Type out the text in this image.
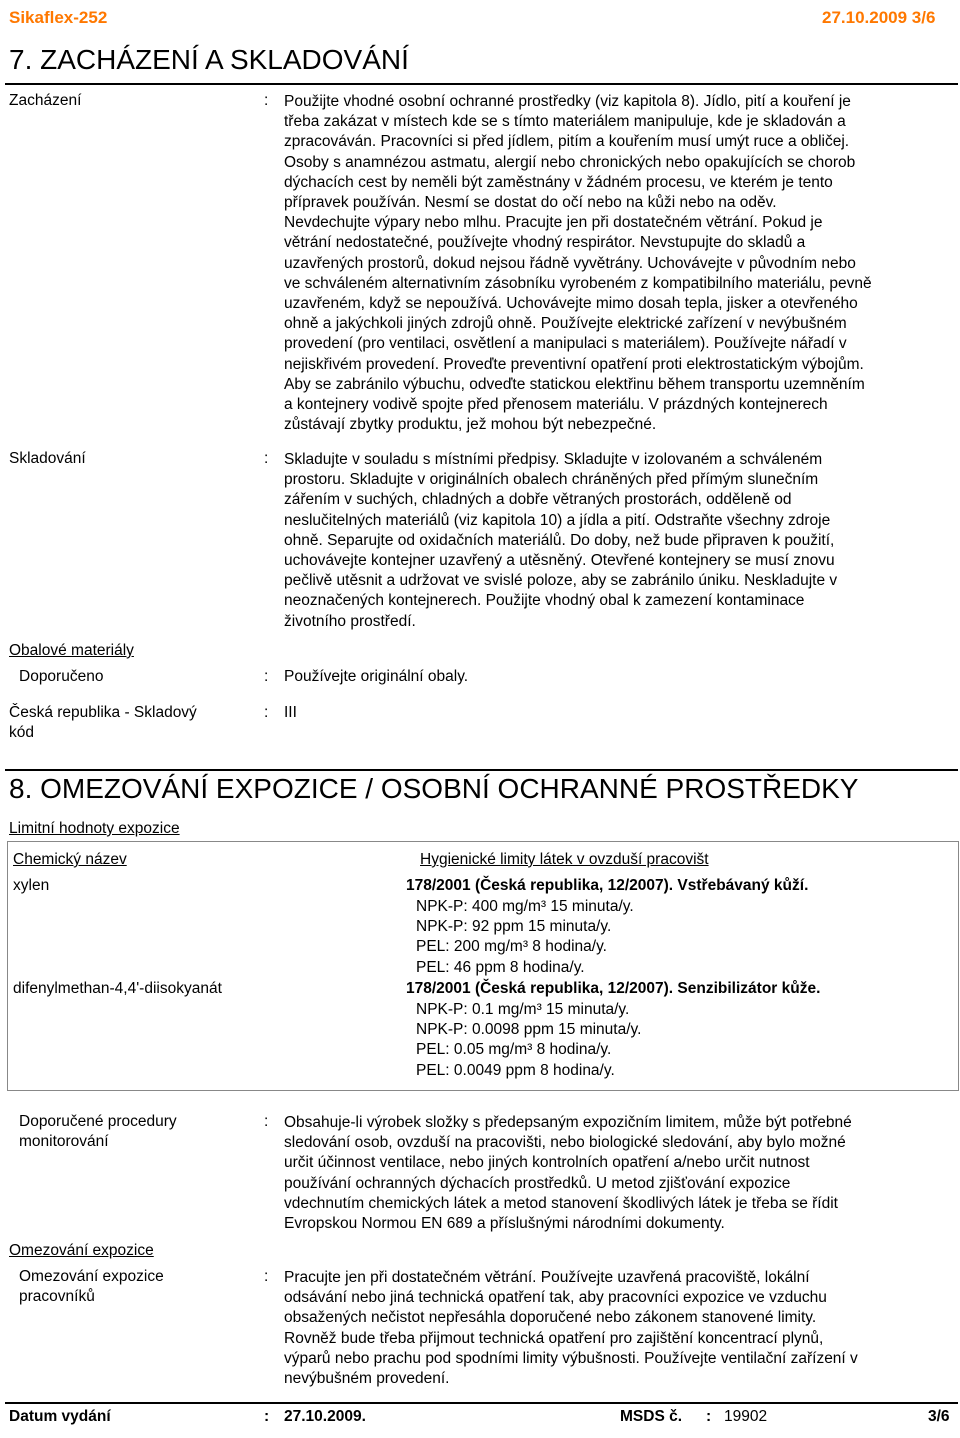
Sikaflex-252	27.10.2009 3/6
7. ZACHÁZENÍ A SKLADOVÁNÍ
Zacházení	: Použijte vhodné osobní ochranné prostředky (viz kapitola 8). Jídlo, pití a kouření je
třeba zakázat v místech kde se s tímto materiálem manipuluje, kde je skladován a
zpracováván. Pracovníci si před jídlem, pitím a kouřením musí umýt ruce a obličej.
Osoby s anamnézou astmatu, alergií nebo chronických nebo opakujících se chorob
dýchacích cest by neměli být zaměstnány v žádném procesu, ve kterém je tento
přípravek používán. Nesmí se dostat do očí nebo na kůži nebo na oděv.
Nevdechujte výpary nebo mlhu. Pracujte jen při dostatečném větrání. Pokud je
větrání nedostatečné, používejte vhodný respirátor. Nevstupujte do skladů a
uzavřených prostorů, dokud nejsou řádně vyvětrány. Uchovávejte v původním nebo
ve schváleném alternativním zásobníku vyrobeném z kompatibilního materiálu, pevně
uzavřeném, když se nepoužívá. Uchovávejte mimo dosah tepla, jisker a otevřeného
ohně a jakýchkoli jiných zdrojů ohně. Používejte elektrické zařízení v nevýbušném
provedení (pro ventilaci, osvětlení a manipulaci s materiálem). Používejte nářadí v
nejiskřivém provedení. Proveďte preventivní opatření proti elektrostatickým výbojům.
Aby se zabránilo výbuchu, odveďte statickou elektřinu během transportu uzemněním
a kontejnery vodivě spojte před přenosem materiálu. V prázdných kontejnerech
zůstávají zbytky produktu, jež mohou být nebezpečné.
Skladování	: Skladujte v souladu s místními předpisy. Skladujte v izolovaném a schváleném
prostoru. Skladujte v originálních obalech chráněných před přímým slunečním
zářením v suchých, chladných a dobře větraných prostorách, odděleně od
neslučitelných materiálů (viz kapitola 10) a jídla a pití. Odstraňte všechny zdroje
ohně. Separujte od oxidačních materiálů. Do doby, než bude připraven k použití,
uchovávejte kontejner uzavřený a utěsněný. Otevřené kontejnery se musí znovu
pečlivě utěsnit a udržovat ve svislé poloze, aby se zabránilo úniku. Neskladujte v
neoznačených kontejnerech. Použijte vhodný obal k zamezení kontaminace
životního prostředí.
Obalové materiály
Doporučeno	: Používejte originální obaly.
Česká republika - Skladový
kód
: III
8. OMEZOVÁNÍ EXPOZICE / OSOBNÍ OCHRANNÉ PROSTŘEDKY
Limitní hodnoty expozice
Chemický název	Hygienické limity látek v ovzduší pracovišt
xylen	178/2001 (Česká republika, 12/2007). Vstřebávaný kůží.
NPK-P: 400 mg/m³ 15 minuta/y.
NPK-P: 92 ppm 15 minuta/y.
PEL: 200 mg/m³ 8 hodina/y.
PEL: 46 ppm 8 hodina/y.
difenylmethan-4,4'-diisokyanát	178/2001 (Česká republika, 12/2007). Senzibilizátor kůže.
NPK-P: 0.1 mg/m³ 15 minuta/y.
NPK-P: 0.0098 ppm 15 minuta/y.
PEL: 0.05 mg/m³ 8 hodina/y.
PEL: 0.0049 ppm 8 hodina/y.
Doporučené procedury
monitorování
: Obsahuje-li výrobek složky s předepsaným expozičním limitem, může být potřebné
sledování osob, ovzduší na pracovišti, nebo biologické sledování, aby bylo možné
určit účinnost ventilace, nebo jiných kontrolních opatření a/nebo určit nutnost
používání ochranných dýchacích prostředků. U metod zjišťování expozice
vdechnutím chemických látek a metod stanovení škodlivých látek je třeba se řídit
Evropskou Normou EN 689 a příslušnými národními dokumenty.
Omezování expozice
Omezování expozice
pracovníků
: Pracujte jen při dostatečném větrání. Používejte uzavřená pracoviště, lokální
odsávání nebo jiná technická opatření tak, aby pracovníci expozice ve vzduchu
obsažených nečistot nepřesáhla doporučené nebo zákonem stanovené limity.
Rovněž bude třeba přijmout technická opatření pro zajištění koncentrací plynů,
výparů nebo prachu pod spodními limity výbušnosti. Používejte ventilační zařízení v
nevýbušném provedení.
Datum vydání	: 27.10.2009.	MSDS č. : 19902	3/6
